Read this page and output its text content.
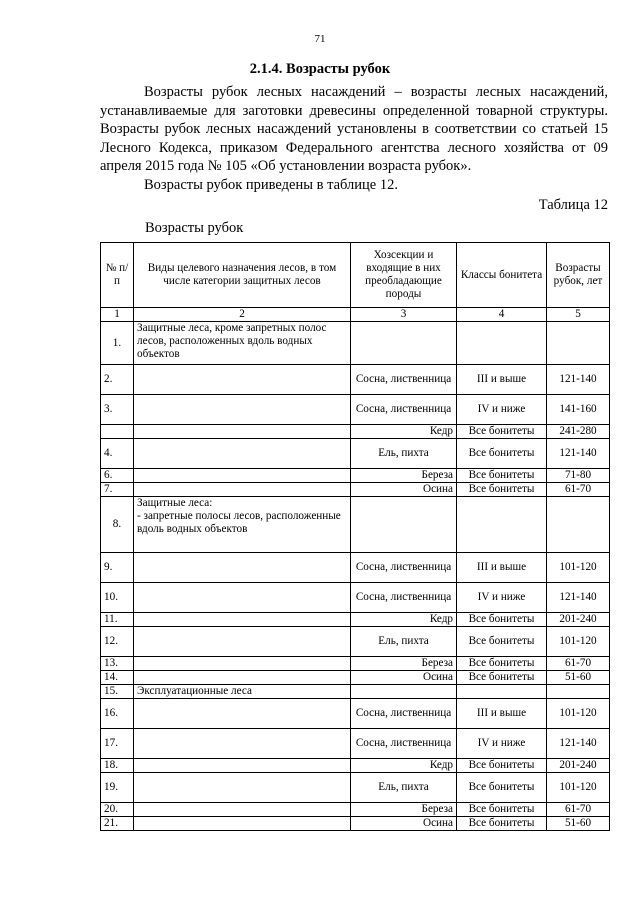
71
2.1.4. Возрасты рубок

Возрасты рубок лесных насаждений – возрасты лесных насаждений, устанавливаемые для заготовки древесины определенной товарной структуры. Возрасты рубок лесных насаждений установлены в соответствии со статьей 15 Лесного Кодекса, приказом Федерального агентства лесного хозяйства от 09 апреля 2015 года № 105 «Об установлении возраста рубок».

Возрасты рубок приведены в таблице 12.

Таблица 12
Возрасты рубок
№ п/п	Виды целевого назначения лесов, в том числе категории защитных лесов	Хозсекции и входящие в них преобладающие породы	Классы бонитета	Возрасты рубок, лет
1	2	3	4	5
1.	Защитные леса, кроме запретных полос лесов, расположенных вдоль водных объектов			
2.		Сосна, лиственница	III и выше	121-140
3.		Сосна, лиственница	IV и ниже	141-160
		Кедр	Все бонитеты	241-280
4.		Ель, пихта	Все бонитеты	121-140
6.		Береза	Все бонитеты	71-80
7.		Осина	Все бонитеты	61-70
8.	Защитные леса:
- запретные полосы лесов, расположенные вдоль водных объектов			
9.		Сосна, лиственница	III и выше	101-120
10.		Сосна, лиственница	IV и ниже	121-140
11.		Кедр	Все бонитеты	201-240
12.		Ель, пихта	Все бонитеты	101-120
13.		Береза	Все бонитеты	61-70
14.		Осина	Все бонитеты	51-60
15.	Эксплуатационные леса			
16.		Сосна, лиственница	III и выше	101-120
17.		Сосна, лиственница	IV и ниже	121-140
18.		Кедр	Все бонитеты	201-240
19.		Ель, пихта	Все бонитеты	101-120
20.		Береза	Все бонитеты	61-70
21.		Осина	Все бонитеты	51-60
